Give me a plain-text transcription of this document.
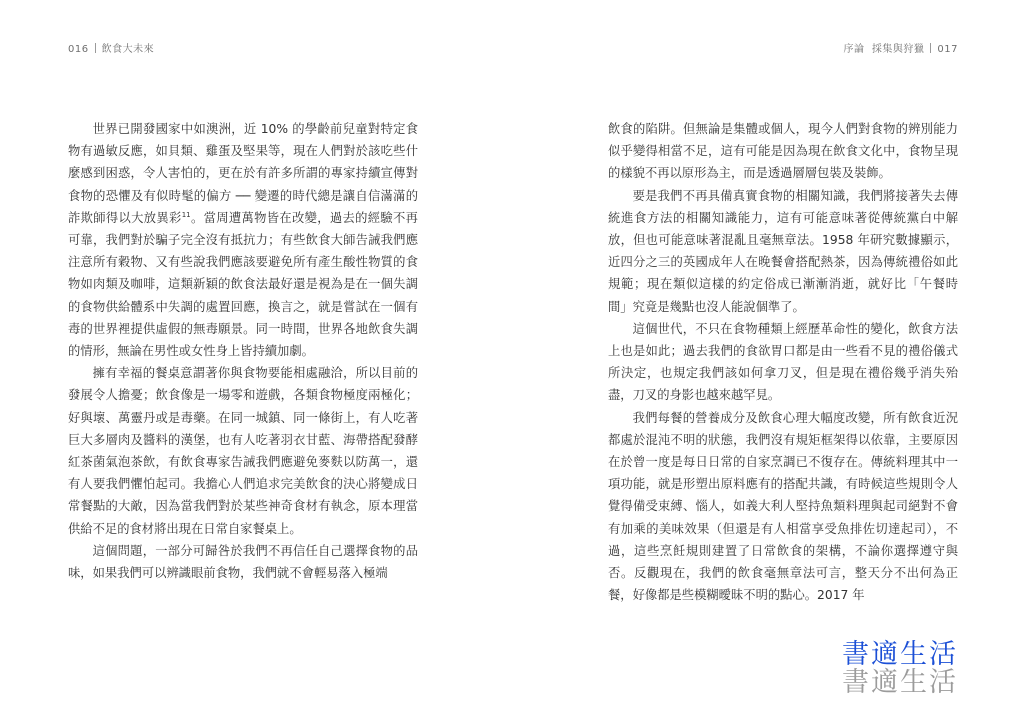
016 飲食大未來	序論 採集與狩獵 017

世界已開發國家中如澳洲，近 10% 的學齡前兒童對特定食物有過敏反應，如貝類、雞蛋及堅果等，現在人們對於該吃些什麼感到困惑，令人害怕的，更在於有許多所謂的專家持續宣傳對食物的恐懼及有似時髦的偏方 ── 變遷的時代總是讓自信滿滿的詐欺師得以大放異彩$^{11}$。當周遭萬物皆在改變，過去的經驗不再可靠，我們對於騙子完全沒有抵抗力；有些飲食大師告誡我們應注意所有穀物、又有些說我們應該要避免所有產生酸性物質的食物如肉類及咖啡，這類新穎的飲食法最好還是視為是在一個失調的食物供給體系中失調的處置回應，換言之，就是嘗試在一個有毒的世界裡提供虛假的無毒願景。同一時間，世界各地飲食失調的情形，無論在男性或女性身上皆持續加劇。

擁有幸福的餐桌意謂著你與食物要能相處融洽，所以目前的發展令人擔憂；飲食像是一場零和遊戲，各類食物極度兩極化；好與壞、萬靈丹或是毒藥。在同一城鎮、同一條街上，有人吃著巨大多層肉及醬料的漢堡，也有人吃著羽衣甘藍、海帶搭配發酵紅茶菌氣泡茶飲，有飲食專家告誡我們應避免麥麩以防萬一，還有人要我們懼怕起司。我擔心人們追求完美飲食的決心將變成日常餐點的大敵，因為當我們對於某些神奇食材有執念，原本理當供給不足的食材將出現在日常自家餐桌上。

這個問題，一部分可歸咎於我們不再信任自己選擇食物的品味，如果我們可以辨識眼前食物，我們就不會輕易落入極端

飲食的陷阱。但無論是集體或個人，現今人們對食物的辨別能力似乎變得相當不足，這有可能是因為現在飲食文化中，食物呈現的樣貌不再以原形為主，而是透過層層包裝及裝飾。

要是我們不再具備真實食物的相關知識，我們將接著失去傳統進食方法的相關知識能力，這有可能意味著從傳統黨白中解放，但也可能意味著混亂且毫無章法。1958 年研究數據顯示，近四分之三的英國成年人在晚餐會搭配熱茶，因為傳統禮俗如此規範；現在類似這樣的約定俗成已漸漸消逝，就好比「午餐時間」究竟是幾點也沒人能說個準了。

這個世代，不只在食物種類上經歷革命性的變化，飲食方法上也是如此；過去我們的食欲胃口都是由一些看不見的禮俗儀式所決定，也規定我們該如何拿刀叉，但是現在禮俗幾乎消失殆盡，刀叉的身影也越來越罕見。

我們每餐的營養成分及飲食心理大幅度改變，所有飲食近況都處於混沌不明的狀態，我們沒有規矩框架得以依靠，主要原因在於曾一度是每日日常的自家烹調已不復存在。傳統料理其中一項功能，就是形塑出原料應有的搭配共識，有時候這些規則令人覺得備受束縛、惱人，如義大利人堅持魚類料理與起司絕對不會有加乘的美味效果（但還是有人相當享受魚排佐切達起司），不過，這些烹飪規則建置了日常飲食的架構，不論你選擇遵守與否。反觀現在，我們的飲食毫無章法可言，整天分不出何為正餐，好像都是些模糊曖昧不明的點心。2017 年

書適生活
書適生活
